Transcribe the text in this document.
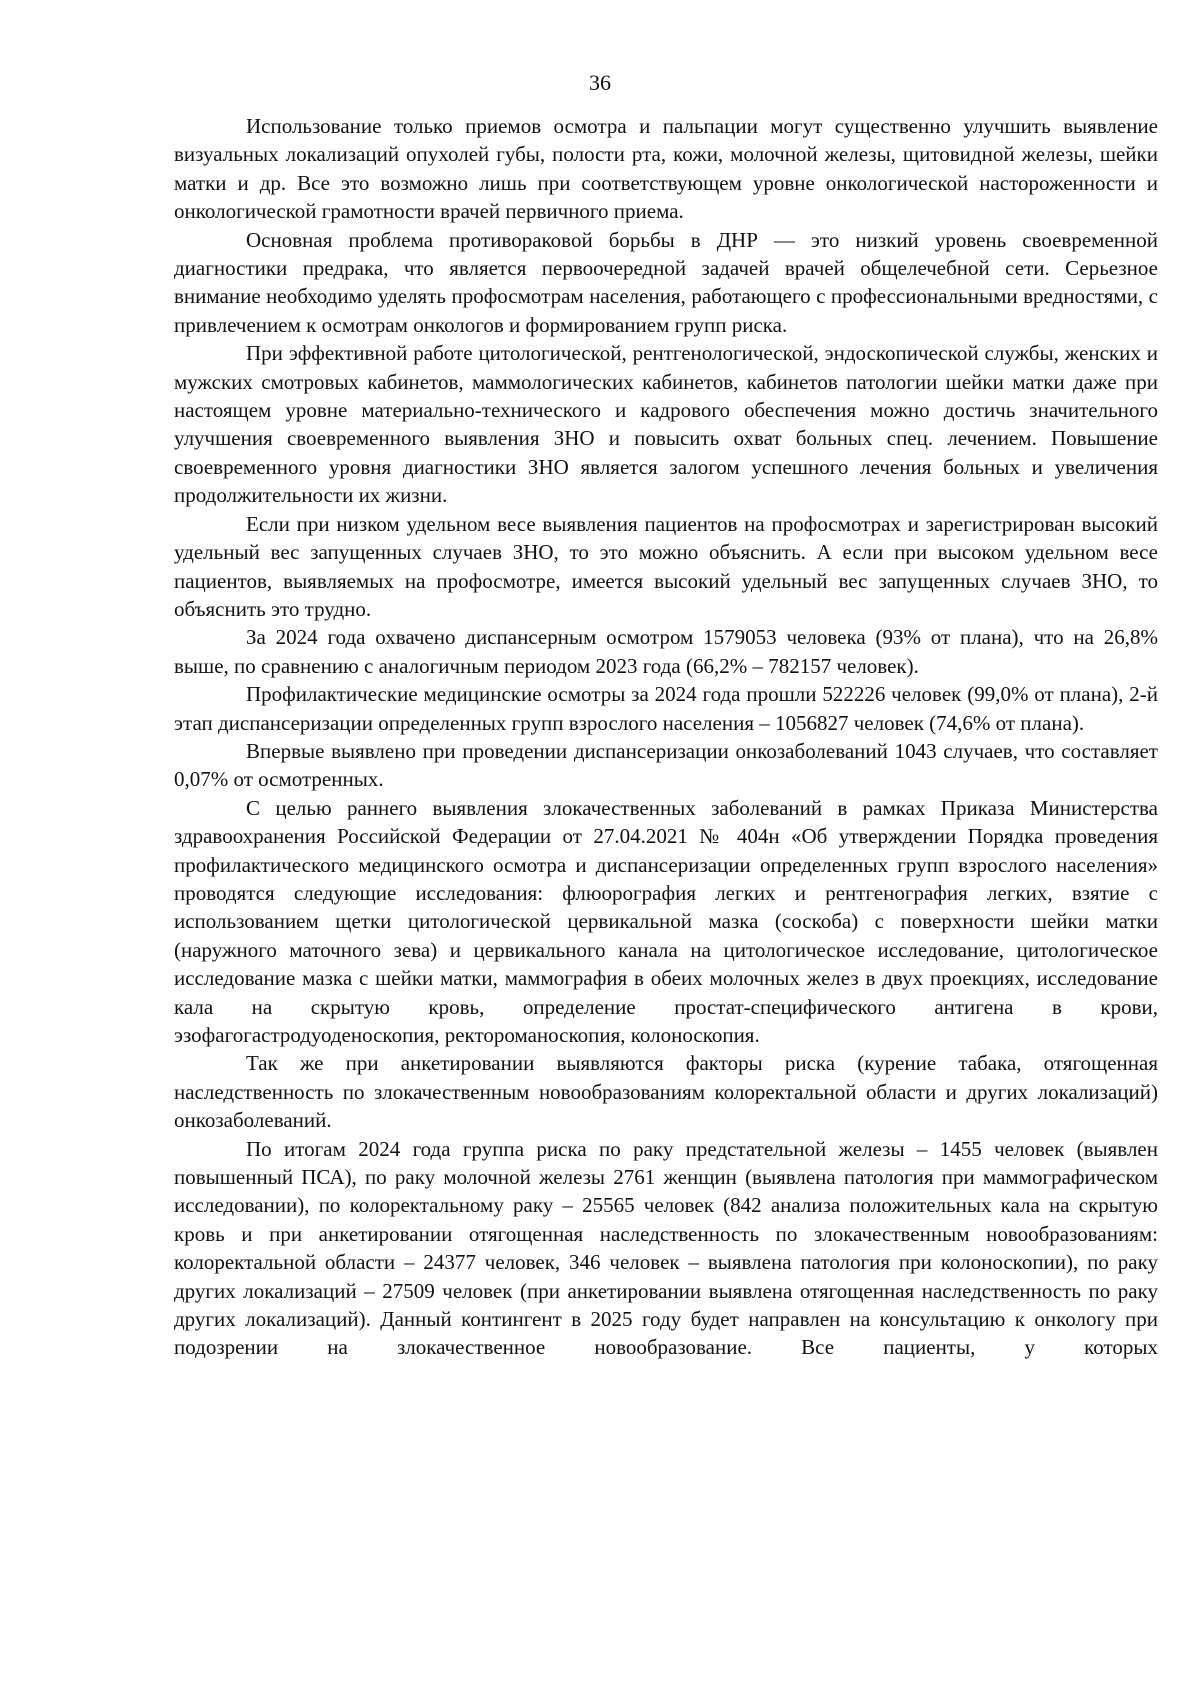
36

Использование только приемов осмотра и пальпации могут существенно улучшить выявление визуальных локализаций опухолей губы, полости рта, кожи, молочной железы, щитовидной железы, шейки матки и др. Все это возможно лишь при соответствующем уровне онкологической настороженности и онкологической грамотности врачей первичного приема.

Основная проблема противораковой борьбы в ДНР — это низкий уровень своевременной диагностики предрака, что является первоочередной задачей врачей общелечебной сети. Серьезное внимание необходимо уделять профосмотрам населения, работающего с профессиональными вредностями, с привлечением к осмотрам онкологов и формированием групп риска.

При эффективной работе цитологической, рентгенологической, эндоскопической службы, женских и мужских смотровых кабинетов, маммологических кабинетов, кабинетов патологии шейки матки даже при настоящем уровне материально-технического и кадрового обеспечения можно достичь значительного улучшения своевременного выявления ЗНО и повысить охват больных спец. лечением. Повышение своевременного уровня диагностики ЗНО является залогом успешного лечения больных и увеличения продолжительности их жизни.

Если при низком удельном весе выявления пациентов на профосмотрах и зарегистрирован высокий удельный вес запущенных случаев ЗНО, то это можно объяснить. А если при высоком удельном весе пациентов, выявляемых на профосмотре, имеется высокий удельный вес запущенных случаев ЗНО, то объяснить это трудно.

За 2024 года охвачено диспансерным осмотром 1579053 человека (93% от плана), что на 26,8% выше, по сравнению с аналогичным периодом 2023 года (66,2% – 782157 человек).

Профилактические медицинские осмотры за 2024 года прошли 522226 человек (99,0% от плана), 2-й этап диспансеризации определенных групп взрослого населения – 1056827 человек (74,6% от плана).

Впервые выявлено при проведении диспансеризации онкозаболеваний 1043 случаев, что составляет 0,07% от осмотренных.

С целью раннего выявления злокачественных заболеваний в рамках Приказа Министерства здравоохранения Российской Федерации от 27.04.2021 № 404н «Об утверждении Порядка проведения профилактического медицинского осмотра и диспансеризации определенных групп взрослого населения» проводятся следующие исследования: флюорография легких и рентгенография легких, взятие с использованием щетки цитологической цервикальной мазка (соскоба) с поверхности шейки матки (наружного маточного зева) и цервикального канала на цитологическое исследование, цитологическое исследование мазка с шейки матки, маммография в обеих молочных желез в двух проекциях, исследование кала на скрытую кровь, определение простат-специфического антигена в крови, эзофагогастродуоденоскопия, ректороманоскопия, колоноскопия.

Так же при анкетировании выявляются факторы риска (курение табака, отягощенная наследственность по злокачественным новообразованиям колоректальной области и других локализаций) онкозаболеваний.

По итогам 2024 года группа риска по раку предстательной железы – 1455 человек (выявлен повышенный ПСА), по раку молочной железы 2761 женщин (выявлена патология при маммографическом исследовании), по колоректальному раку – 25565 человек (842 анализа положительных кала на скрытую кровь и при анкетировании отягощенная наследственность по злокачественным новообразованиям: колоректальной области – 24377 человек, 346 человек – выявлена патология при колоноскопии), по раку других локализаций – 27509 человек (при анкетировании выявлена отягощенная наследственность по раку других локализаций). Данный контингент в 2025 году будет направлен на консультацию к онкологу при подозрении на злокачественное новообразование. Все пациенты, у которых
